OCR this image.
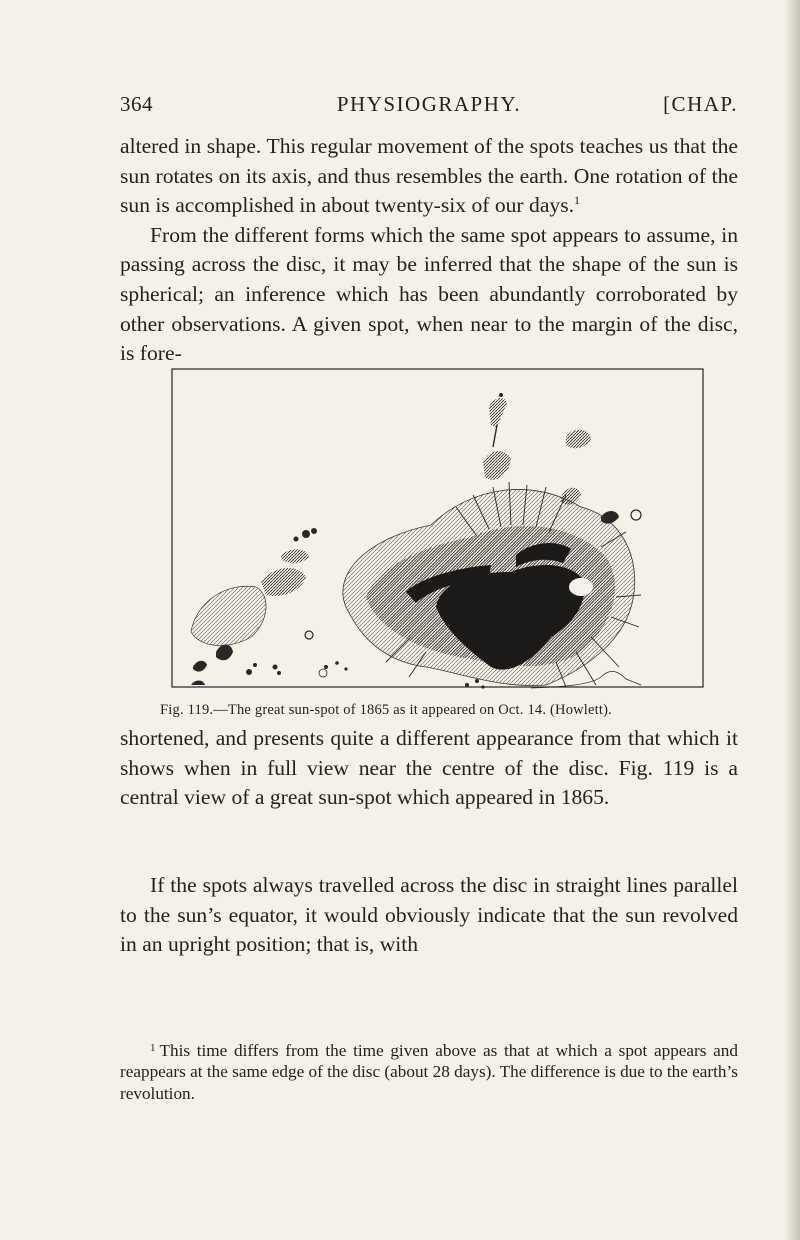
364	PHYSIOGRAPHY.	[CHAP.

altered in shape. This regular movement of the spots teaches us that the sun rotates on its axis, and thus resembles the earth. One rotation of the sun is accomplished in about twenty-six of our days.$^1$
From the different forms which the same spot appears to assume, in passing across the disc, it may be inferred that the shape of the sun is spherical; an inference which has been abundantly corroborated by other observations. A given spot, when near to the margin of the disc, is fore-

Fig. 119.—The great sun-spot of 1865 as it appeared on Oct. 14. (Howlett).

shortened, and presents quite a different appearance from that which it shows when in full view near the centre of the disc. Fig. 119 is a central view of a great sun-spot which appeared in 1865.

If the spots always travelled across the disc in straight lines parallel to the sun’s equator, it would obviously indicate that the sun revolved in an upright position; that is, with

$^1$ This time differs from the time given above as that at which a spot appears and reappears at the same edge of the disc (about 28 days). The difference is due to the earth’s revolution.
